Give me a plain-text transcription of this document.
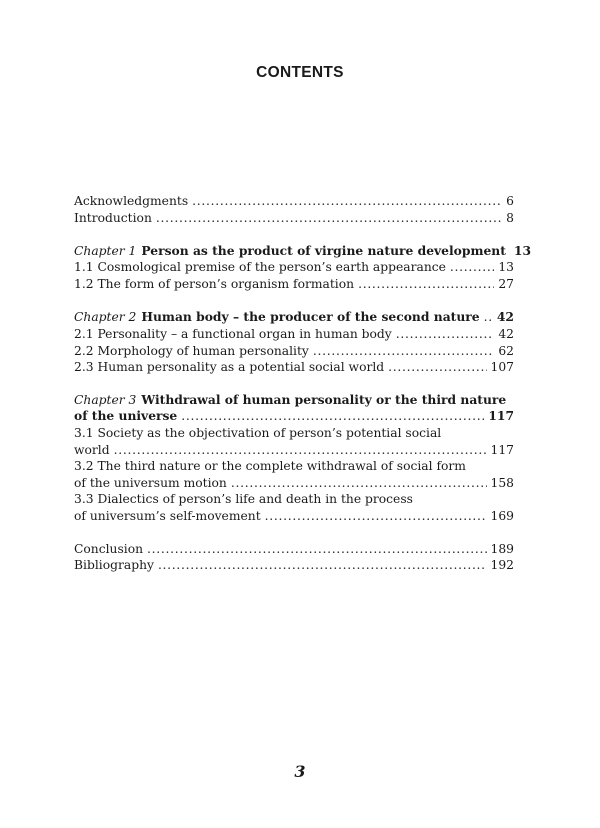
CONTENTS
Acknowledgments . . .	6
Introduction . . .	8
Chapter 1 Person as the product of virgine nature development 13
1.1 Cosmological premise of the person’s earth appearance . . .	13
1.2 The form of person’s organism formation . . .	27
Chapter 2 Human body – the producer of the second nature . . .	42
2.1 Personality – a functional organ in human body . . .	42
2.2 Morphology of human personality . . .	62
2.3 Human personality as a potential social world . . .	107
Chapter 3 Withdrawal of human personality or the third nature
of the universe . . .	117
3.1 Society as the objectivation of person’s potential social
world . . .	117
3.2 The third nature or the complete withdrawal of social form
of the universum motion . . .	158
3.3 Dialectics of person’s life and death in the process
of universum’s self-movement . . .	169
Conclusion . . .	189
Bibliography . . .	192
3
